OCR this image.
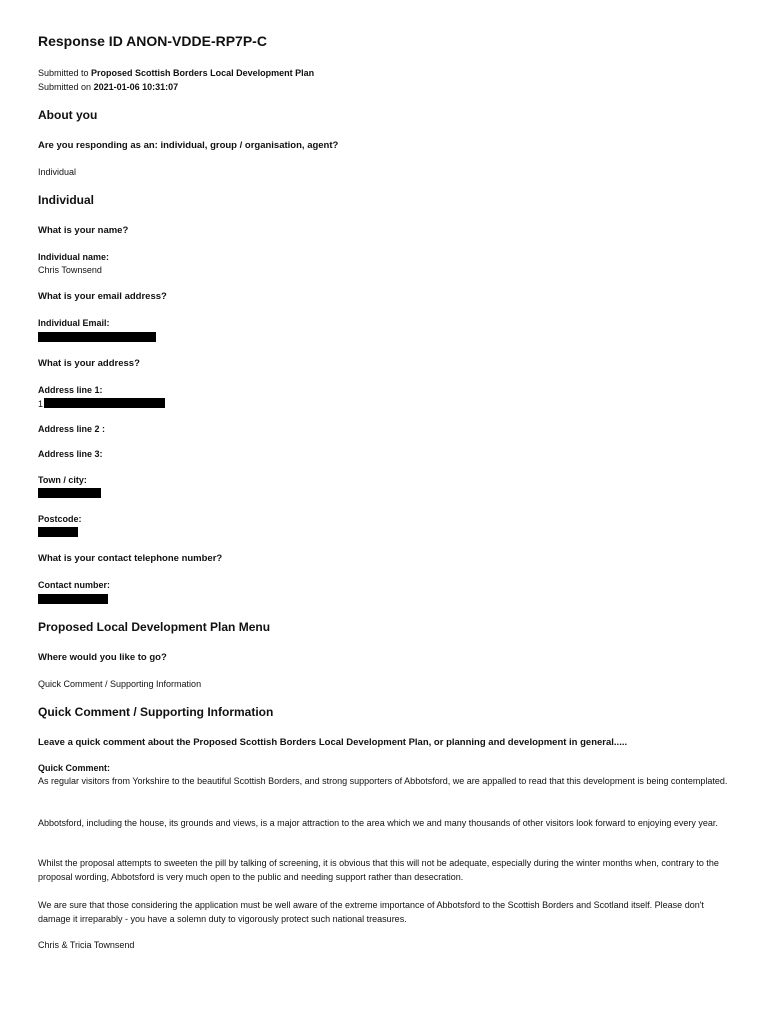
Response ID ANON-VDDE-RP7P-C
Submitted to Proposed Scottish Borders Local Development Plan
Submitted on 2021-01-06 10:31:07
About you
Are you responding as an: individual, group / organisation, agent?
Individual
Individual
What is your name?
Individual name:
Chris Townsend
What is your email address?
Individual Email:
What is your address?
Address line 1:
1
Address line 2 :
Address line 3:
Town / city:
Postcode:
What is your contact telephone number?
Contact number:
Proposed Local Development Plan Menu
Where would you like to go?
Quick Comment / Supporting Information
Quick Comment / Supporting Information
Leave a quick comment about the Proposed Scottish Borders Local Development Plan, or planning and development in general.....
Quick Comment:
As regular visitors from Yorkshire to the beautiful Scottish Borders, and strong supporters of Abbotsford, we are appalled to read that this development is being contemplated.
Abbotsford, including the house, its grounds and views, is a major attraction to the area which we and many thousands of other visitors look forward to enjoying every year.
Whilst the proposal attempts to sweeten the pill by talking of screening, it is obvious that this will not be adequate, especially during the winter months when, contrary to the proposal wording, Abbotsford is very much open to the public and needing support rather than desecration.
We are sure that those considering the application must be well aware of the extreme importance of Abbotsford to the Scottish Borders and Scotland itself. Please don't damage it irreparably - you have a solemn duty to vigorously protect such national treasures.
Chris & Tricia Townsend
